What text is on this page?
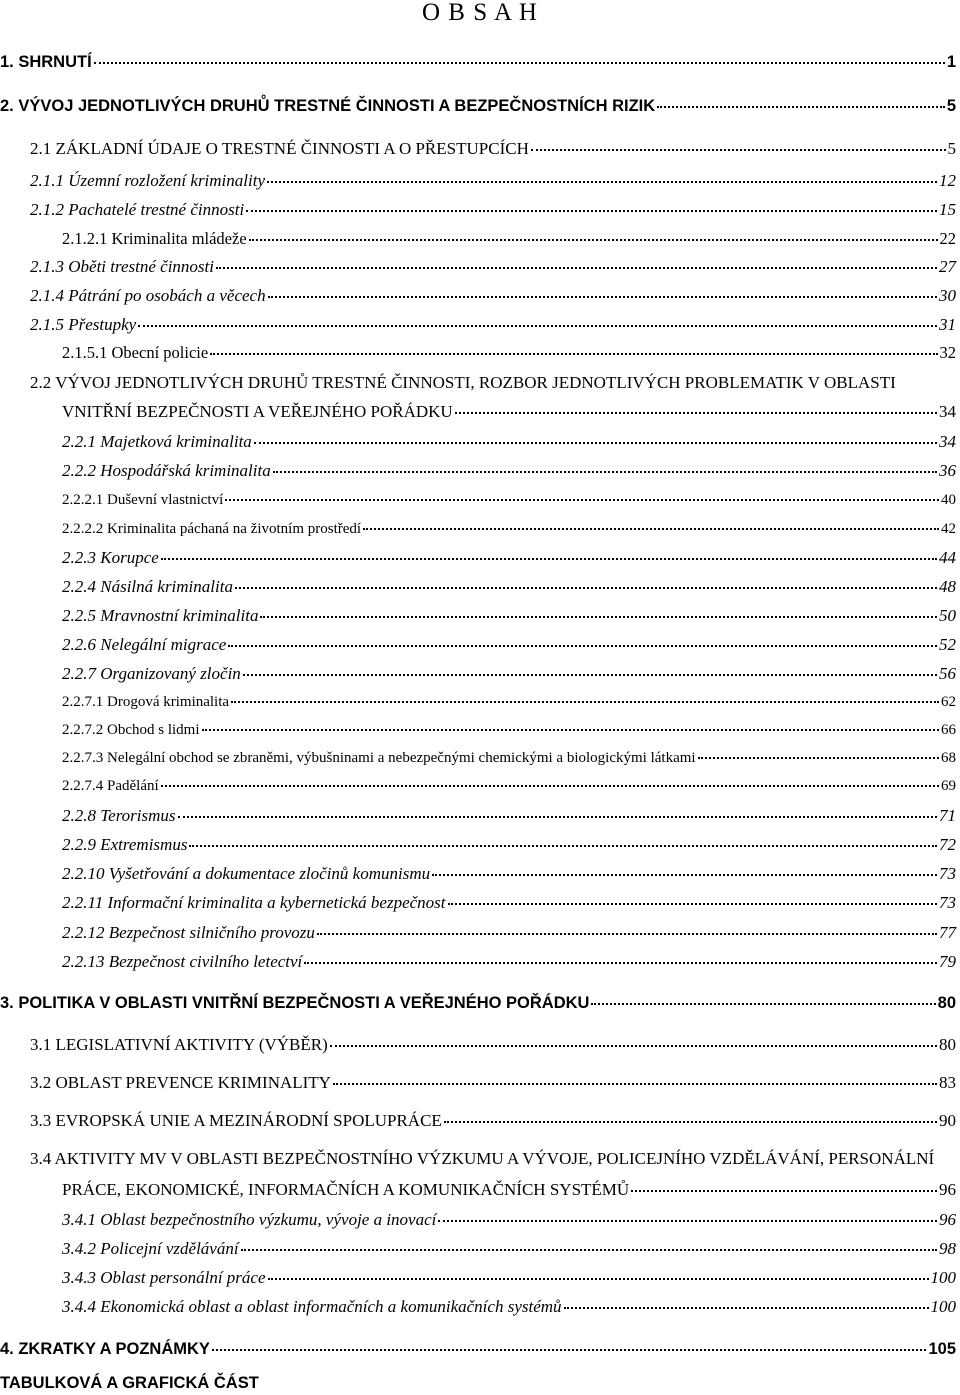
O B S A H
1. SHRNUTÍ	1
2. VÝVOJ JEDNOTLIVÝCH DRUHŮ TRESTNÉ ČINNOSTI A BEZPEČNOSTNÍCH RIZIK	5
2.1 ZÁKLADNÍ ÚDAJE O TRESTNÉ ČINNOSTI A O PŘESTUPCÍCH	5
2.1.1 Územní rozložení kriminality	12
2.1.2 Pachatelé trestné činnosti	15
2.1.2.1 Kriminalita mládeže	22
2.1.3 Oběti trestné činnosti	27
2.1.4 Pátrání po osobách a věcech	30
2.1.5 Přestupky	31
2.1.5.1 Obecní policie	32
2.2 VÝVOJ JEDNOTLIVÝCH DRUHŮ TRESTNÉ ČINNOSTI, ROZBOR JEDNOTLIVÝCH PROBLEMATIK V OBLASTI
VNITŘNÍ BEZPEČNOSTI A VEŘEJNÉHO POŘÁDKU	34
2.2.1 Majetková kriminalita	34
2.2.2 Hospodářská kriminalita	36
2.2.2.1 Duševní vlastnictví	40
2.2.2.2 Kriminalita páchaná na životním prostředí	42
2.2.3 Korupce	44
2.2.4 Násilná kriminalita	48
2.2.5 Mravnostní kriminalita	50
2.2.6 Nelegální migrace	52
2.2.7 Organizovaný zločin	56
2.2.7.1 Drogová kriminalita	62
2.2.7.2 Obchod s lidmi	66
2.2.7.3 Nelegální obchod se zbraněmi, výbušninami a nebezpečnými chemickými a biologickými látkami	68
2.2.7.4 Padělání	69
2.2.8 Terorismus	71
2.2.9 Extremismus	72
2.2.10 Vyšetřování a dokumentace zločinů komunismu	73
2.2.11 Informační kriminalita a kybernetická bezpečnost	73
2.2.12 Bezpečnost silničního provozu	77
2.2.13 Bezpečnost civilního letectví	79
3. POLITIKA V OBLASTI VNITŘNÍ BEZPEČNOSTI A VEŘEJNÉHO POŘÁDKU	80
3.1 LEGISLATIVNÍ AKTIVITY (VÝBĚR)	80
3.2 OBLAST PREVENCE KRIMINALITY	83
3.3 EVROPSKÁ UNIE A MEZINÁRODNÍ SPOLUPRÁCE	90
3.4 AKTIVITY MV V OBLASTI BEZPEČNOSTNÍHO VÝZKUMU A VÝVOJE, POLICEJNÍHO VZDĚLÁVÁNÍ, PERSONÁLNÍ
PRÁCE, EKONOMICKÉ, INFORMAČNÍCH A KOMUNIKAČNÍCH SYSTÉMŮ	96
3.4.1 Oblast bezpečnostního výzkumu, vývoje a inovací	96
3.4.2 Policejní vzdělávání	98
3.4.3 Oblast personální práce	100
3.4.4 Ekonomická oblast a oblast informačních a komunikačních systémů	100
4. ZKRATKY A POZNÁMKY	105
TABULKOVÁ A GRAFICKÁ ČÁST
